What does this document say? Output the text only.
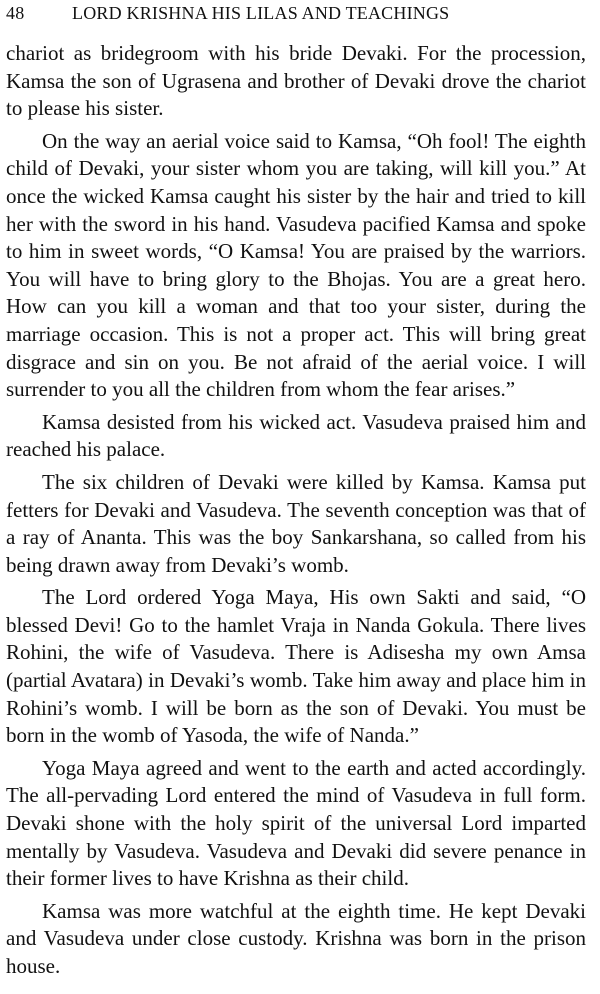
48	LORD KRISHNA HIS LILAS AND TEACHINGS

chariot as bridegroom with his bride Devaki. For the procession, Kamsa the son of Ugrasena and brother of Devaki drove the chariot to please his sister.

On the way an aerial voice said to Kamsa, “Oh fool! The eighth child of Devaki, your sister whom you are taking, will kill you.” At once the wicked Kamsa caught his sister by the hair and tried to kill her with the sword in his hand. Vasudeva pacified Kamsa and spoke to him in sweet words, “O Kamsa! You are praised by the warriors. You will have to bring glory to the Bhojas. You are a great hero. How can you kill a woman and that too your sister, during the marriage occasion. This is not a proper act. This will bring great disgrace and sin on you. Be not afraid of the aerial voice. I will surrender to you all the children from whom the fear arises.”

Kamsa desisted from his wicked act. Vasudeva praised him and reached his palace.

The six children of Devaki were killed by Kamsa. Kamsa put fetters for Devaki and Vasudeva. The seventh conception was that of a ray of Ananta. This was the boy Sankarshana, so called from his being drawn away from Devaki’s womb.

The Lord ordered Yoga Maya, His own Sakti and said, “O blessed Devi! Go to the hamlet Vraja in Nanda Gokula. There lives Rohini, the wife of Vasudeva. There is Adisesha my own Amsa (partial Avatara) in Devaki’s womb. Take him away and place him in Rohini’s womb. I will be born as the son of Devaki. You must be born in the womb of Yasoda, the wife of Nanda.”

Yoga Maya agreed and went to the earth and acted accordingly. The all-pervading Lord entered the mind of Vasudeva in full form. Devaki shone with the holy spirit of the universal Lord imparted mentally by Vasudeva. Vasudeva and Devaki did severe penance in their former lives to have Krishna as their child.

Kamsa was more watchful at the eighth time. He kept Devaki and Vasudeva under close custody. Krishna was born in the prison house.
